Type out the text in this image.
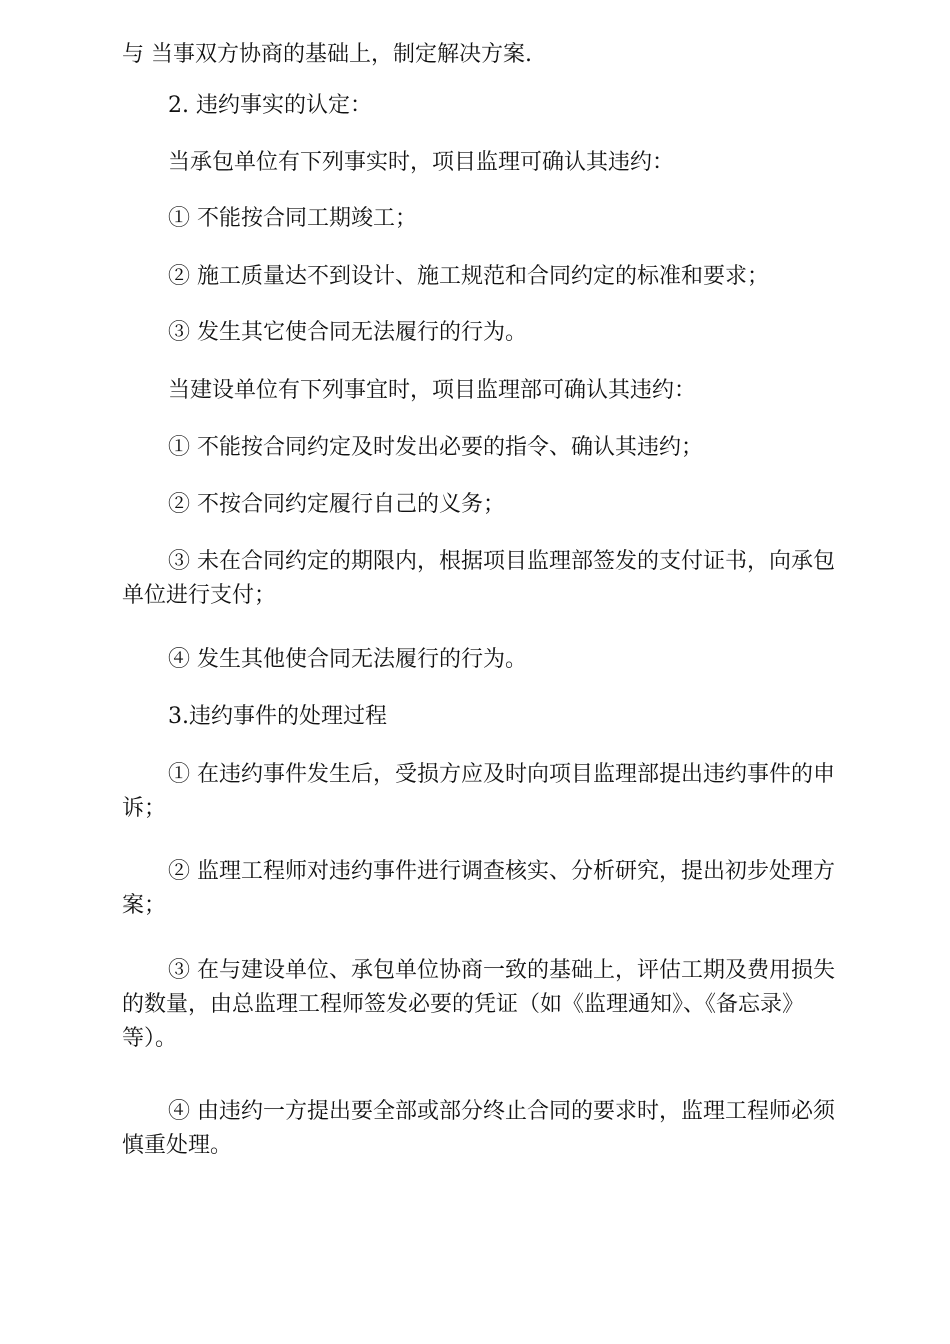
与 当事双方协商的基础上，制定解决方案.

2. 违约事实的认定：

当承包单位有下列事实时，项目监理可确认其违约：

① 不能按合同工期竣工；

② 施工质量达不到设计、施工规范和合同约定的标准和要求；

③ 发生其它使合同无法履行的行为。

当建设单位有下列事宜时，项目监理部可确认其违约：

① 不能按合同约定及时发出必要的指令、确认其违约；

② 不按合同约定履行自己的义务；

③ 未在合同约定的期限内，根据项目监理部签发的支付证书，向承包单位进行支付；

④ 发生其他使合同无法履行的行为。

3.违约事件的处理过程

① 在违约事件发生后，受损方应及时向项目监理部提出违约事件的申诉；

② 监理工程师对违约事件进行调查核实、分析研究，提出初步处理方案；

③ 在与建设单位、承包单位协商一致的基础上，评估工期及费用损失的数量，由总监理工程师签发必要的凭证（如《监理通知》、《备忘录》等）。

④ 由违约一方提出要全部或部分终止合同的要求时，监理工程师必须慎重处理。
